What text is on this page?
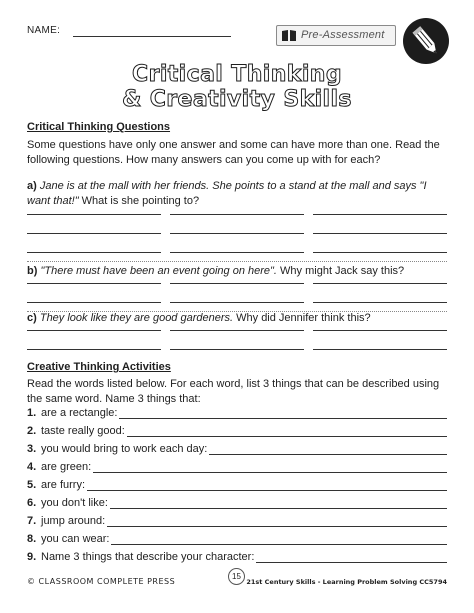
NAME:	Pre-Assessment
Critical Thinking
& Creativity Skills
Critical Thinking Questions
Some questions have only one answer and some can have more than one. Read the following questions. How many answers can you come up with for each?
a) Jane is at the mall with her friends. She points to a stand at the mall and says "I want that!" What is she pointing to?
b) "There must have been an event going on here". Why might Jack say this?
c) They look like they are good gardeners. Why did Jennifer think this?
Creative Thinking Activities
Read the words listed below. For each word, list 3 things that can be described using the same word. Name 3 things that:
1. are a rectangle:
2. taste really good:
3. you would bring to work each day:
4. are green:
5. are furry:
6. you don't like:
7. jump around:
8. you can wear:
9. Name 3 things that describe your character:
© CLASSROOM COMPLETE PRESS
15
21st Century Skills - Learning Problem Solving CC5794
